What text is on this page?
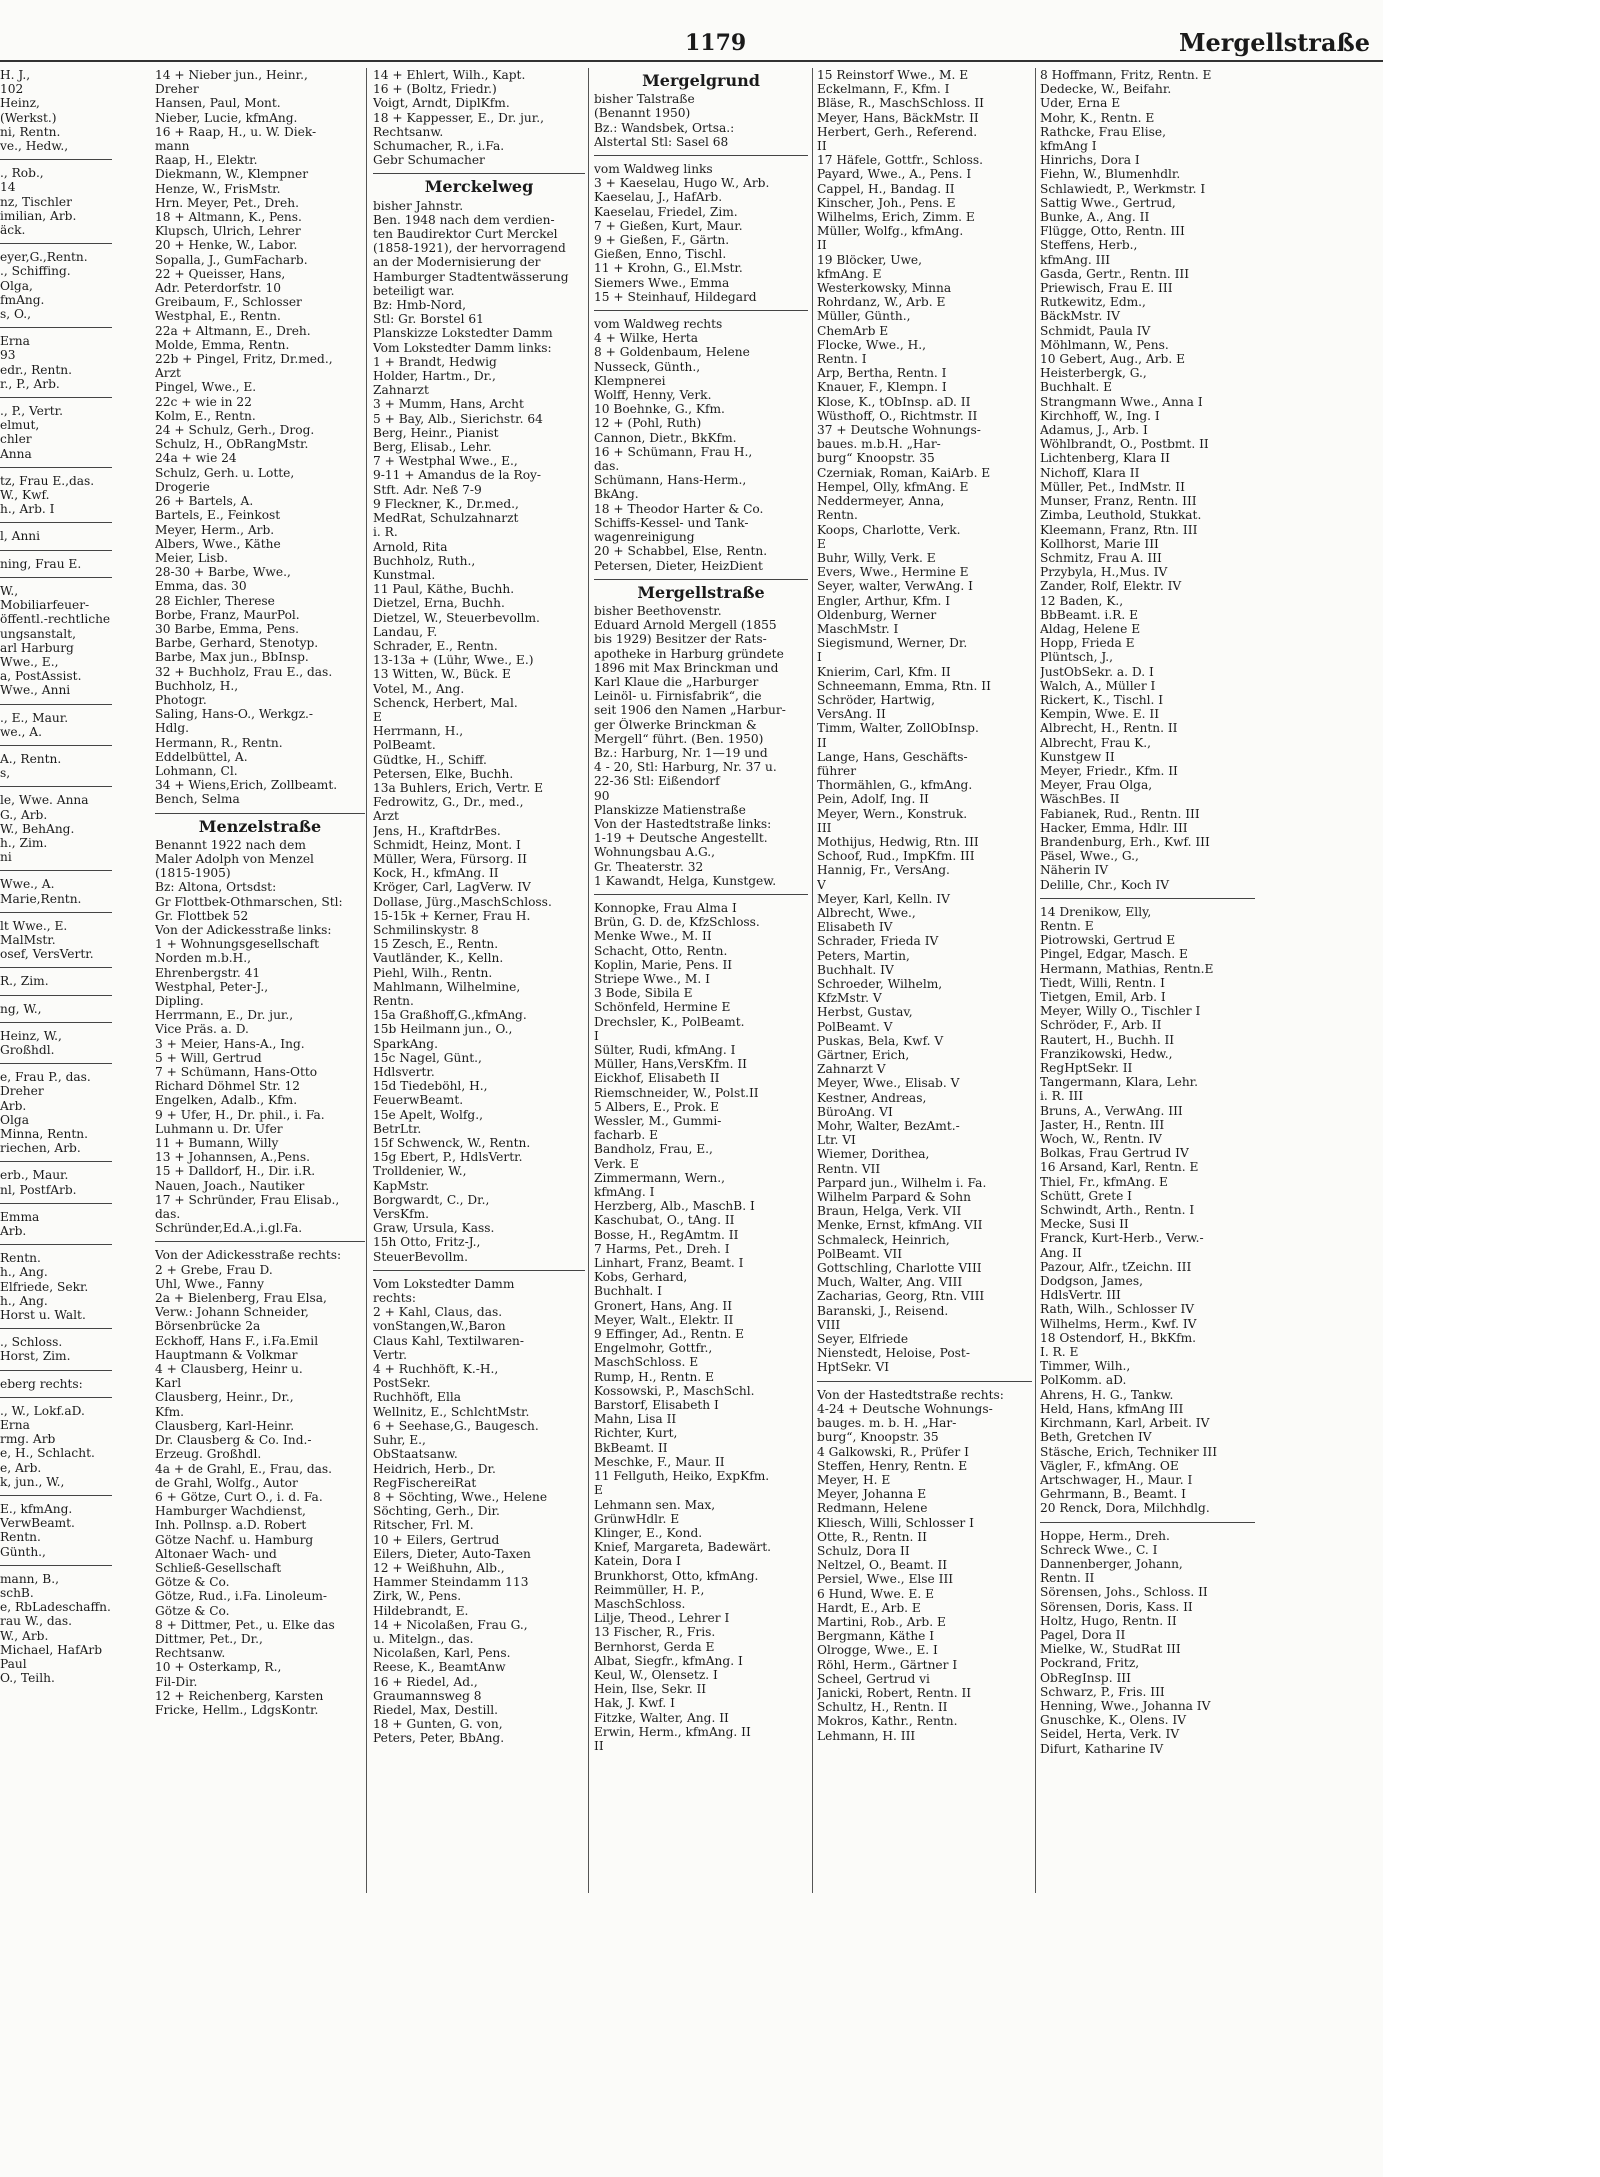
1179	Mergellstraße
H. J.,
102
Heinz,
(Werkst.)
ni, Rentn.
ve., Hedw.,
., Rob.,
14
nz, Tischler
imilian, Arb.
äck.
eyer,G.,Rentn.
., Schiffing.
Olga,
fmAng.
s, O.,
Erna
93
edr., Rentn.
r., P., Arb.
., P., Vertr.
elmut,
chler
Anna
tz, Frau E.,das.
W., Kwf.
h., Arb. I
l, Anni
ning, Frau E.
W.,
Mobiliarfeuer-
öffentl.-rechtliche
ungsanstalt,
arl Harburg
Wwe., E.,
a, PostAssist.
Wwe., Anni
., E., Maur.
we., A.
A., Rentn.
s,
le, Wwe. Anna
G., Arb.
W., BehAng.
h., Zim.
ni
Wwe., A.
Marie,Rentn.
lt Wwe., E.
MalMstr.
osef, VersVertr.
R., Zim.
ng, W.,
Heinz, W.,
Großhdl.
e, Frau P., das.
Dreher
Arb.
Olga
Minna, Rentn.
riechen, Arb.
erb., Maur.
nl, PostfArb.
Emma
Arb.
Rentn.
h., Ang.
Elfriede, Sekr.
h., Ang.
Horst u. Walt.
., Schloss.
Horst, Zim.
eberg rechts:
., W., Lokf.aD.
Erna
rmg. Arb
e, H., Schlacht.
e, Arb.
k, jun., W.,
E., kfmAng.
VerwBeamt.
Rentn.
Günth.,
mann, B.,
schB.
e, RbLadeschaffn.
rau W., das.
W., Arb.
Michael, HafArb
Paul
O., Teilh.
14 + Nieber jun., Heinr.,
Dreher
Hansen, Paul, Mont.
Nieber, Lucie, kfmAng.
16 + Raap, H., u. W. Diek-
mann
Raap, H., Elektr.
Diekmann, W., Klempner
Henze, W., FrisMstr.
Hrn. Meyer, Pet., Dreh.
18 + Altmann, K., Pens.
Klupsch, Ulrich, Lehrer
20 + Henke, W., Labor.
Sopalla, J., GumFacharb.
22 + Queisser, Hans,
Adr. Peterdorfstr. 10
Greibaum, F., Schlosser
Westphal, E., Rentn.
22a + Altmann, E., Dreh.
Molde, Emma, Rentn.
22b + Pingel, Fritz, Dr.med.,
Arzt
Pingel, Wwe., E.
22c + wie in 22
Kolm, E., Rentn.
24 + Schulz, Gerh., Drog.
Schulz, H., ObRangMstr.
24a + wie 24
Schulz, Gerh. u. Lotte,
Drogerie
26 + Bartels, A.
Bartels, E., Feinkost
Meyer, Herm., Arb.
Albers, Wwe., Käthe
Meier, Lisb.
28-30 + Barbe, Wwe.,
Emma, das. 30
28 Eichler, Therese
Borbe, Franz, MaurPol.
30 Barbe, Emma, Pens.
Barbe, Gerhard, Stenotyp.
Barbe, Max jun., BbInsp.
32 + Buchholz, Frau E., das.
Buchholz, H.,
Photogr.
Saling, Hans-O., Werkgz.-
Hdlg.
Hermann, R., Rentn.
Eddelbüttel, A.
Lohmann, Cl.
34 + Wiens,Erich, Zollbeamt.
Bench, Selma
Menzelstraße
Benannt 1922 nach dem
Maler Adolph von Menzel
(1815-1905)
Bz: Altona, Ortsdst:
Gr Flottbek-Othmarschen, Stl:
Gr. Flottbek 52
Von der Adickesstraße links:
1 + Wohnungsgesellschaft
Norden m.b.H.,
Ehrenbergstr. 41
Westphal, Peter-J.,
Dipling.
Herrmann, E., Dr. jur.,
Vice Präs. a. D.
3 + Meier, Hans-A., Ing.
5 + Will, Gertrud
7 + Schümann, Hans-Otto
Richard Döhmel Str. 12
Engelken, Adalb., Kfm.
9 + Ufer, H., Dr. phil., i. Fa.
Luhmann u. Dr. Ufer
11 + Bumann, Willy
13 + Johannsen, A.,Pens.
15 + Dalldorf, H., Dir. i.R.
Nauen, Joach., Nautiker
17 + Schründer, Frau Elisab.,
das.
Schründer,Ed.A.,i.gl.Fa.
Von der Adickesstraße rechts:
2 + Grebe, Frau D.
Uhl, Wwe., Fanny
2a + Bielenberg, Frau Elsa,
Verw.: Johann Schneider,
Börsenbrücke 2a
Eckhoff, Hans F., i.Fa.Emil
Hauptmann & Volkmar
4 + Clausberg, Heinr u.
Karl
Clausberg, Heinr., Dr.,
Kfm.
Clausberg, Karl-Heinr.
Dr. Clausberg & Co. Ind.-
Erzeug. Großhdl.
4a + de Grahl, E., Frau, das.
de Grahl, Wolfg., Autor
6 + Götze, Curt O., i. d. Fa.
Hamburger Wachdienst,
Inh. Pollnsp. a.D. Robert
Götze Nachf. u. Hamburg
Altonaer Wach- und
Schließ-Gesellschaft
Götze & Co.
Götze, Rud., i.Fa. Linoleum-
Götze & Co.
8 + Dittmer, Pet., u. Elke das
Dittmer, Pet., Dr.,
Rechtsanw.
10 + Osterkamp, R.,
Fil-Dir.
12 + Reichenberg, Karsten
Fricke, Hellm., LdgsKontr.
14 + Ehlert, Wilh., Kapt.
16 + (Boltz, Friedr.)
Voigt, Arndt, DiplKfm.
18 + Kappesser, E., Dr. jur.,
Rechtsanw.
Schumacher, R., i.Fa.
Gebr Schumacher
Merckelweg
bisher Jahnstr.
Ben. 1948 nach dem verdien-
ten Baudirektor Curt Merckel
(1858-1921), der hervorragend
an der Modernisierung der
Hamburger Stadtentwässerung
beteiligt war.
Bz: Hmb-Nord,
Stl: Gr. Borstel 61
Planskizze Lokstedter Damm
Vom Lokstedter Damm links:
1 + Brandt, Hedwig
Holder, Hartm., Dr.,
Zahnarzt
3 + Mumm, Hans, Archt
5 + Bay, Alb., Sierichstr. 64
Berg, Heinr., Pianist
Berg, Elisab., Lehr.
7 + Westphal Wwe., E.,
9-11 + Amandus de la Roy-
Stft. Adr. Neß 7-9
9 Fleckner, K., Dr.med.,
MedRat, Schulzahnarzt
i. R.
Arnold, Rita
Buchholz, Ruth.,
Kunstmal.
11 Paul, Käthe, Buchh.
Dietzel, Erna, Buchh.
Dietzel, W., Steuerbevollm.
Landau, F.
Schrader, E., Rentn.
13-13a + (Lühr, Wwe., E.)
13 Witten, W., Bück. E
Votel, M., Ang.
Schenck, Herbert, Mal.
E
Herrmann, H.,
PolBeamt.
Güdtke, H., Schiff.
Petersen, Elke, Buchh.
13a Buhlers, Erich, Vertr. E
Fedrowitz, G., Dr., med.,
Arzt
Jens, H., KraftdrBes.
Schmidt, Heinz, Mont. I
Müller, Wera, Fürsorg. II
Kock, H., kfmAng. II
Kröger, Carl, LagVerw. IV
Dollase, Jürg.,MaschSchloss.
15-15k + Kerner, Frau H.
Schmilinskystr. 8
15 Zesch, E., Rentn.
Vautländer, K., Kelln.
Piehl, Wilh., Rentn.
Mahlmann, Wilhelmine,
Rentn.
15a Graßhoff,G.,kfmAng.
15b Heilmann jun., O.,
SparkAng.
15c Nagel, Günt.,
Hdlsvertr.
15d Tiedeböhl, H.,
FeuerwBeamt.
15e Apelt, Wolfg.,
BetrLtr.
15f Schwenck, W., Rentn.
15g Ebert, P., HdlsVertr.
Trolldenier, W.,
KapMstr.
Borgwardt, C., Dr.,
VersKfm.
Graw, Ursula, Kass.
15h Otto, Fritz-J.,
SteuerBevollm.
Vom Lokstedter Damm
rechts:
2 + Kahl, Claus, das.
vonStangen,W.,Baron
Claus Kahl, Textilwaren-
Vertr.
4 + Ruchhöft, K.-H.,
PostSekr.
Ruchhöft, Ella
Wellnitz, E., SchlchtMstr.
6 + Seehase,G., Baugesch.
Suhr, E.,
ObStaatsanw.
Heidrich, Herb., Dr.
RegFischereiRat
8 + Söchting, Wwe., Helene
Söchting, Gerh., Dir.
Ritscher, Frl. M.
10 + Eilers, Gertrud
Eilers, Dieter, Auto-Taxen
12 + Weißhuhn, Alb.,
Hammer Steindamm 113
Zirk, W., Pens.
Hildebrandt, E.
14 + Nicolaßen, Frau G.,
u. Mitelgn., das.
Nicolaßen, Karl, Pens.
Reese, K., BeamtAnw
16 + Riedel, Ad.,
Graumannsweg 8
Riedel, Max, Destill.
18 + Gunten, G. von,
Peters, Peter, BbAng.
Mergelgrund
bisher Talstraße
(Benannt 1950)
Bz.: Wandsbek, Ortsa.:
Alstertal Stl: Sasel 68
vom Waldweg links
3 + Kaeselau, Hugo W., Arb.
Kaeselau, J., HafArb.
Kaeselau, Friedel, Zim.
7 + Gießen, Kurt, Maur.
9 + Gießen, F., Gärtn.
Gießen, Enno, Tischl.
11 + Krohn, G., El.Mstr.
Siemers Wwe., Emma
15 + Steinhauf, Hildegard
vom Waldweg rechts
4 + Wilke, Herta
8 + Goldenbaum, Helene
Nusseck, Günth.,
Klempnerei
Wolff, Henny, Verk.
10 Boehnke, G., Kfm.
12 + (Pohl, Ruth)
Cannon, Dietr., BkKfm.
16 + Schümann, Frau H.,
das.
Schümann, Hans-Herm.,
BkAng.
18 + Theodor Harter & Co.
Schiffs-Kessel- und Tank-
wagenreinigung
20 + Schabbel, Else, Rentn.
Petersen, Dieter, HeizDient
Mergellstraße
bisher Beethovenstr.
Eduard Arnold Mergell (1855
bis 1929) Besitzer der Rats-
apotheke in Harburg gründete
1896 mit Max Brinckman und
Karl Klaue die „Harburger
Leinöl- u. Firnisfabrik“, die
seit 1906 den Namen „Harbur-
ger Ölwerke Brinckman &
Mergell“ führt. (Ben. 1950)
Bz.: Harburg, Nr. 1—19 und
4 - 20, Stl: Harburg, Nr. 37 u.
22-36 Stl: Eißendorf
90
Planskizze Matienstraße
Von der Hastedtstraße links:
1-19 + Deutsche Angestellt.
Wohnungsbau A.G.,
Gr. Theaterstr. 32
1 Kawandt, Helga, Kunstgew.
Konnopke, Frau Alma I
Brün, G. D. de, KfzSchloss.
Menke Wwe., M. II
Schacht, Otto, Rentn.
Koplin, Marie, Pens. II
Striepe Wwe., M. I
3 Bode, Sibila E
Schönfeld, Hermine E
Drechsler, K., PolBeamt.
I
Sülter, Rudi, kfmAng. I
Müller, Hans,VersKfm. II
Eickhof, Elisabeth II
Riemschneider, W., Polst.II
5 Albers, E., Prok. E
Wessler, M., Gummi-
facharb. E
Bandholz, Frau, E.,
Verk. E
Zimmermann, Wern.,
kfmAng. I
Herzberg, Alb., MaschB. I
Kaschubat, O., tAng. II
Bosse, H., RegAmtm. II
7 Harms, Pet., Dreh. I
Linhart, Franz, Beamt. I
Kobs, Gerhard,
Buchhalt. I
Gronert, Hans, Ang. II
Meyer, Walt., Elektr. II
9 Effinger, Ad., Rentn. E
Engelmohr, Gottfr.,
MaschSchloss. E
Rump, H., Rentn. E
Kossowski, P., MaschSchl.
Barstorf, Elisabeth I
Mahn, Lisa II
Richter, Kurt,
BkBeamt. II
Meschke, F., Maur. II
11 Fellguth, Heiko, ExpKfm.
E
Lehmann sen. Max,
GrünwHdlr. E
Klinger, E., Kond.
Knief, Margareta, Badewärt.
Katein, Dora I
Brunkhorst, Otto, kfmAng.
Reimmüller, H. P.,
MaschSchloss.
Lilje, Theod., Lehrer I
13 Fischer, R., Fris.
Bernhorst, Gerda E
Albat, Siegfr., kfmAng. I
Keul, W., Olensetz. I
Hein, Ilse, Sekr. II
Hak, J. Kwf. I
Fitzke, Walter, Ang. II
Erwin, Herm., kfmAng. II
II
15 Reinstorf Wwe., M. E
Eckelmann, F., Kfm. I
Bläse, R., MaschSchloss. II
Meyer, Hans, BäckMstr. II
Herbert, Gerh., Referend.
II
17 Häfele, Gottfr., Schloss.
Payard, Wwe., A., Pens. I
Cappel, H., Bandag. II
Kinscher, Joh., Pens. E
Wilhelms, Erich, Zimm. E
Müller, Wolfg., kfmAng.
II
19 Blöcker, Uwe,
kfmAng. E
Westerkowsky, Minna
Rohrdanz, W., Arb. E
Müller, Günth.,
ChemArb E
Flocke, Wwe., H.,
Rentn. I
Arp, Bertha, Rentn. I
Knauer, F., Klempn. I
Klose, K., tObInsp. aD. II
Wüsthoff, O., Richtmstr. II
37 + Deutsche Wohnungs-
baues. m.b.H. „Har-
burg“ Knoopstr. 35
Czerniak, Roman, KaiArb. E
Hempel, Olly, kfmAng. E
Neddermeyer, Anna,
Rentn.
Koops, Charlotte, Verk.
E
Buhr, Willy, Verk. E
Evers, Wwe., Hermine E
Seyer, walter, VerwAng. I
Engler, Arthur, Kfm. I
Oldenburg, Werner
MaschMstr. I
Siegismund, Werner, Dr.
I
Knierim, Carl, Kfm. II
Schneemann, Emma, Rtn. II
Schröder, Hartwig,
VersAng. II
Timm, Walter, ZollObInsp.
II
Lange, Hans, Geschäfts-
führer
Thormählen, G., kfmAng.
Pein, Adolf, Ing. II
Meyer, Wern., Konstruk.
III
Mothijus, Hedwig, Rtn. III
Schoof, Rud., ImpKfm. III
Hannig, Fr., VersAng.
V
Meyer, Karl, Kelln. IV
Albrecht, Wwe.,
Elisabeth IV
Schrader, Frieda IV
Peters, Martin,
Buchhalt. IV
Schroeder, Wilhelm,
KfzMstr. V
Herbst, Gustav,
PolBeamt. V
Puskas, Bela, Kwf. V
Gärtner, Erich,
Zahnarzt V
Meyer, Wwe., Elisab. V
Kestner, Andreas,
BüroAng. VI
Mohr, Walter, BezAmt.-
Ltr. VI
Wiemer, Dorithea,
Rentn. VII
Parpard jun., Wilhelm i. Fa.
Wilhelm Parpard & Sohn
Braun, Helga, Verk. VII
Menke, Ernst, kfmAng. VII
Schmaleck, Heinrich,
PolBeamt. VII
Gottschling, Charlotte VIII
Much, Walter, Ang. VIII
Zacharias, Georg, Rtn. VIII
Baranski, J., Reisend.
VIII
Seyer, Elfriede
Nienstedt, Heloise, Post-
HptSekr. VI
Von der Hastedtstraße rechts:
4-24 + Deutsche Wohnungs-
bauges. m. b. H. „Har-
burg“, Knoopstr. 35
4 Galkowski, R., Prüfer I
Steffen, Henry, Rentn. E
Meyer, H. E
Meyer, Johanna E
Redmann, Helene
Kliesch, Willi, Schlosser I
Otte, R., Rentn. II
Schulz, Dora II
Neltzel, O., Beamt. II
Persiel, Wwe., Else III
6 Hund, Wwe. E. E
Hardt, E., Arb. E
Martini, Rob., Arb. E
Bergmann, Käthe I
Olrogge, Wwe., E. I
Röhl, Herm., Gärtner I
Scheel, Gertrud vi
Janicki, Robert, Rentn. II
Schultz, H., Rentn. II
Mokros, Kathr., Rentn.
Lehmann, H. III
8 Hoffmann, Fritz, Rentn. E
Dedecke, W., Beifahr.
Uder, Erna E
Mohr, K., Rentn. E
Rathcke, Frau Elise,
kfmAng I
Hinrichs, Dora I
Fiehn, W., Blumenhdlr.
Schlawiedt, P., Werkmstr. I
Sattig Wwe., Gertrud,
Bunke, A., Ang. II
Flügge, Otto, Rentn. III
Steffens, Herb.,
kfmAng. III
Gasda, Gertr., Rentn. III
Priewisch, Frau E. III
Rutkewitz, Edm.,
BäckMstr. IV
Schmidt, Paula IV
Möhlmann, W., Pens.
10 Gebert, Aug., Arb. E
Heisterbergk, G.,
Buchhalt. E
Strangmann Wwe., Anna I
Kirchhoff, W., Ing. I
Adamus, J., Arb. I
Wöhlbrandt, O., Postbmt. II
Lichtenberg, Klara II
Nichoff, Klara II
Müller, Pet., IndMstr. II
Munser, Franz, Rentn. III
Zimba, Leuthold, Stukkat.
Kleemann, Franz, Rtn. III
Kollhorst, Marie III
Schmitz, Frau A. III
Przybyla, H.,Mus. IV
Zander, Rolf, Elektr. IV
12 Baden, K.,
BbBeamt. i.R. E
Aldag, Helene E
Hopp, Frieda E
Plüntsch, J.,
JustObSekr. a. D. I
Walch, A., Müller I
Rickert, K., Tischl. I
Kempin, Wwe. E. II
Albrecht, H., Rentn. II
Albrecht, Frau K.,
Kunstgew II
Meyer, Friedr., Kfm. II
Meyer, Frau Olga,
WäschBes. II
Fabianek, Rud., Rentn. III
Hacker, Emma, Hdlr. III
Brandenburg, Erh., Kwf. III
Päsel, Wwe., G.,
Näherin IV
Delille, Chr., Koch IV
14 Drenikow, Elly,
Rentn. E
Piotrowski, Gertrud E
Pingel, Edgar, Masch. E
Hermann, Mathias, Rentn.E
Tiedt, Willi, Rentn. I
Tietgen, Emil, Arb. I
Meyer, Willy O., Tischler I
Schröder, F., Arb. II
Rautert, H., Buchh. II
Franzikowski, Hedw.,
RegHptSekr. II
Tangermann, Klara, Lehr.
i. R. III
Bruns, A., VerwAng. III
Jaster, H., Rentn. III
Woch, W., Rentn. IV
Bolkas, Frau Gertrud IV
16 Arsand, Karl, Rentn. E
Thiel, Fr., kfmAng. E
Schütt, Grete I
Schwindt, Arth., Rentn. I
Mecke, Susi II
Franck, Kurt-Herb., Verw.-
Ang. II
Pazour, Alfr., tZeichn. III
Dodgson, James,
HdlsVertr. III
Rath, Wilh., Schlosser IV
Wilhelms, Herm., Kwf. IV
18 Ostendorf, H., BkKfm.
I. R. E
Timmer, Wilh.,
PolKomm. aD.
Ahrens, H. G., Tankw.
Held, Hans, kfmAng III
Kirchmann, Karl, Arbeit. IV
Beth, Gretchen IV
Stäsche, Erich, Techniker III
Vägler, F., kfmAng. OE
Artschwager, H., Maur. I
Gehrmann, B., Beamt. I
20 Renck, Dora, Milchhdlg.
Hoppe, Herm., Dreh.
Schreck Wwe., C. I
Dannenberger, Johann,
Rentn. II
Sörensen, Johs., Schloss. II
Sörensen, Doris, Kass. II
Holtz, Hugo, Rentn. II
Pagel, Dora II
Mielke, W., StudRat III
Pockrand, Fritz,
ObRegInsp. III
Schwarz, P., Fris. III
Henning, Wwe., Johanna IV
Gnuschke, K., Olens. IV
Seidel, Herta, Verk. IV
Difurt, Katharine IV
